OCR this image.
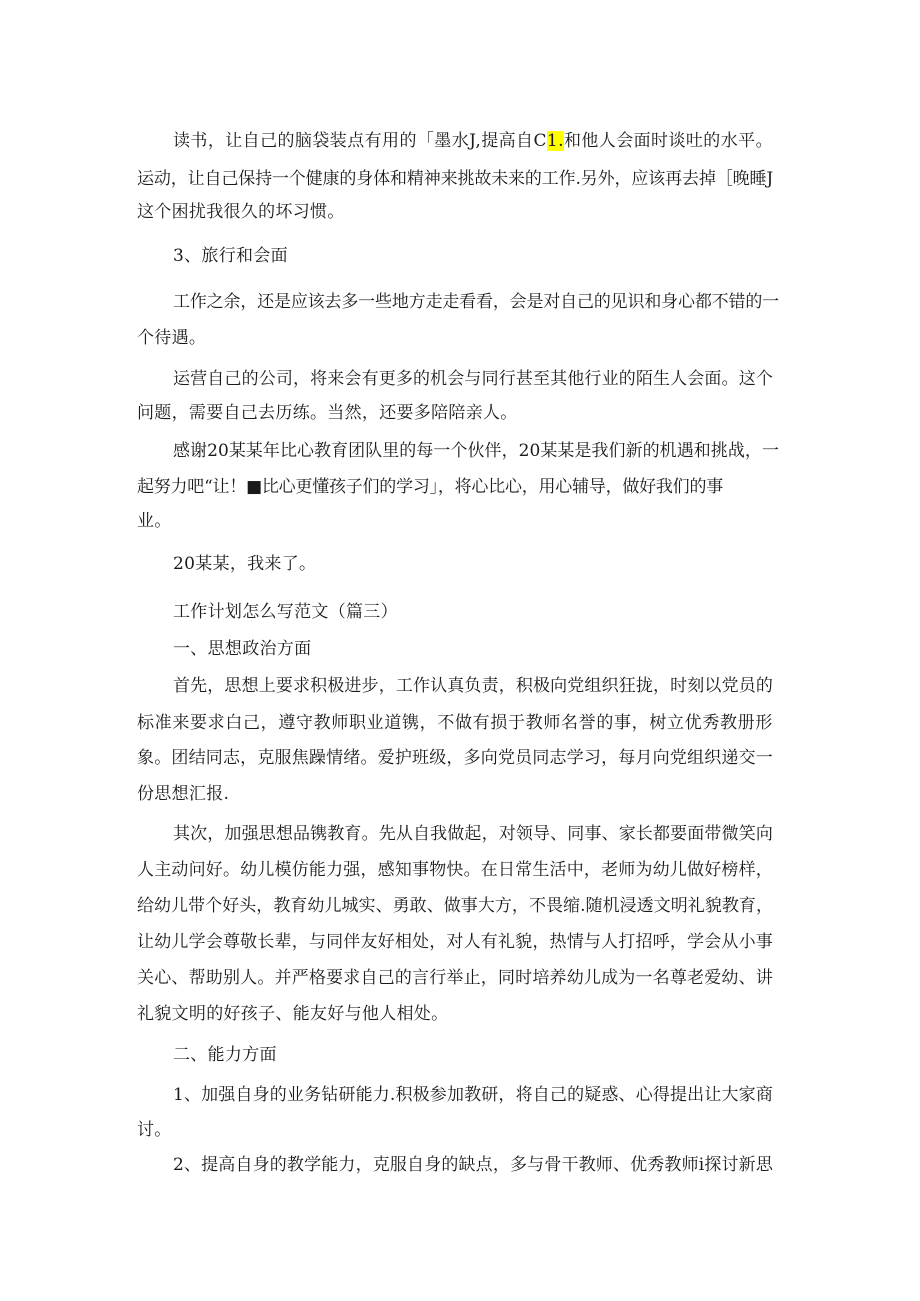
读书，让自己的脑袋装点有用的「墨水J,提高自C1.和他人会面时谈吐的水平。
运动，让自己保持一个健康的身体和精神来挑故未来的工作.另外，应该再去掉［晚睡J
这个困扰我很久的坏习惯。
3、旅行和会面
工作之余，还是应该去多一些地方走走看看，会是对自己的见识和身心都不错的一
个待遇。
运营自己的公司，将来会有更多的机会与同行甚至其他行业的陌生人会面。这个
问题，需要自己去历练。当然，还要多陪陪亲人。
感谢20某某年比心教育团队里的每一个伙伴，20某某是我们新的机遇和挑战，一
起努力吧“让！■比心更懂孩子们的学习」，将心比心，用心辅导，做好我们的事
业。
20某某，我来了。
工作计划怎么写范文（篇三）
一、思想政治方面
首先，思想上要求积极进步，工作认真负责，积极向党组织狂拢，时刻以党员的
标准来要求白己，遵守教师职业道镌，不做有损于教师名誉的事，树立优秀教册形
象。团结同志，克服焦躁情绪。爱护班级，多向党员同志学习，每月向党组织递交一
份思想汇报.
其次，加强思想品镌教育。先从自我做起，对领导、同事、家长都要面带微笑向
人主动问好。幼儿模仿能力强，感知事物快。在日常生活中，老师为幼儿做好榜样，
给幼儿带个好头，教育幼儿城实、勇敢、做事大方，不畏缩.随机浸透文明礼貌教育，
让幼儿学会尊敬长辈，与同伴友好相处，对人有礼貌，热情与人打招呼，学会从小事
关心、帮助别人。并严格要求自己的言行举止，同时培养幼儿成为一名尊老爱幼、讲
礼貌文明的好孩子、能友好与他人相处。
二、能力方面
1、加强自身的业务钻研能力.积极参加教研，将自己的疑惑、心得提出让大家商
讨。
2、提高自身的教学能力，克服自身的缺点，多与骨干教师、优秀教师i探讨新思
